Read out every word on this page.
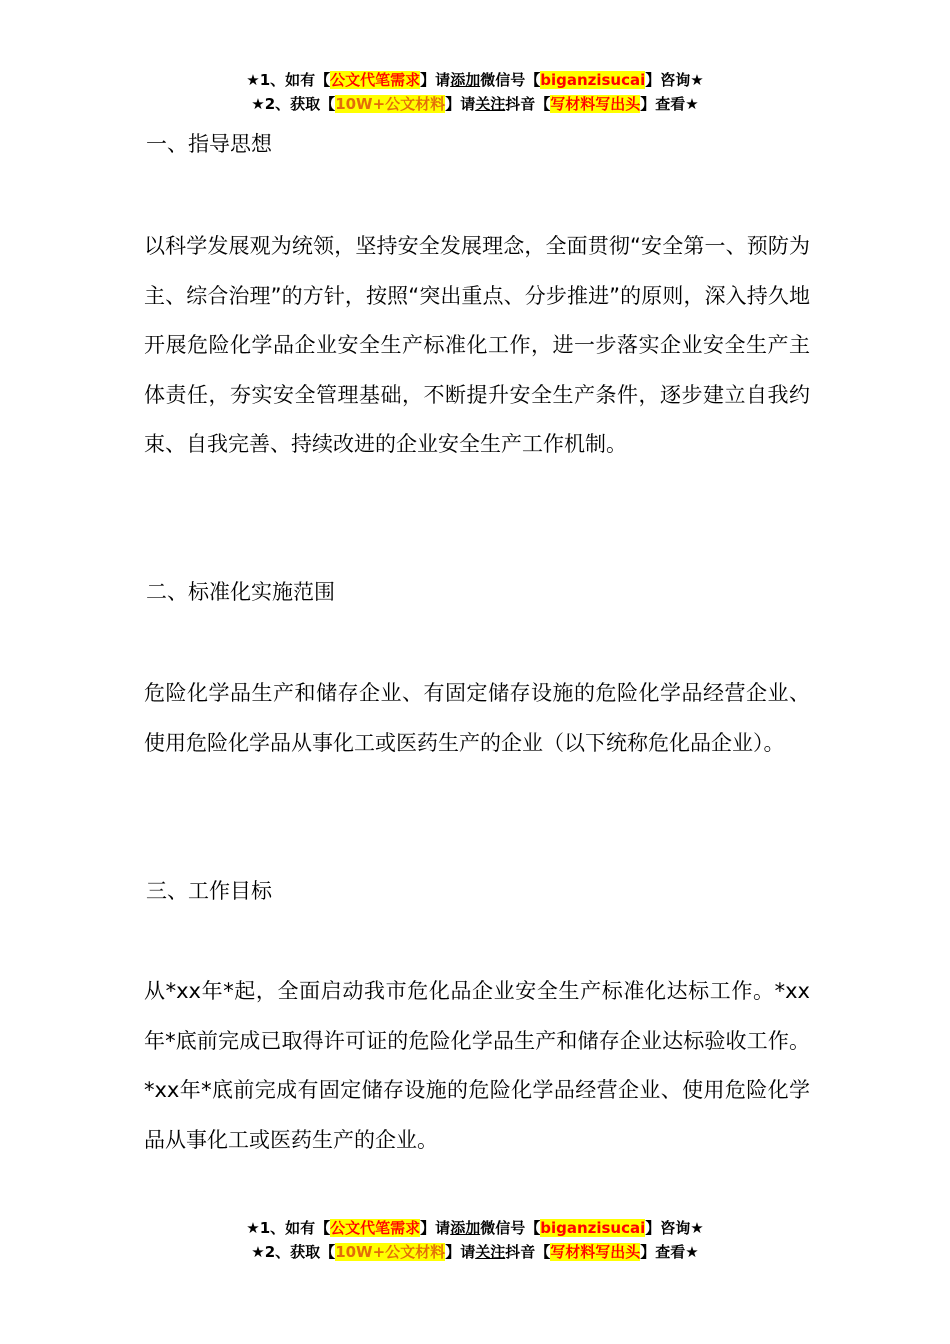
★1、如有【公文代笔需求】请添加微信号【biganzisucai】咨询★
★2、获取【10W+公文材料】请关注抖音【写材料写出头】查看★
一、指导思想

以科学发展观为统领，坚持安全发展理念，全面贯彻“安全第一、预防为主、综合治理”的方针，按照“突出重点、分步推进”的原则，深入持久地开展危险化学品企业安全生产标准化工作，进一步落实企业安全生产主体责任，夯实安全管理基础，不断提升安全生产条件，逐步建立自我约束、自我完善、持续改进的企业安全生产工作机制。

二、标准化实施范围

危险化学品生产和储存企业、有固定储存设施的危险化学品经营企业、使用危险化学品从事化工或医药生产的企业（以下统称危化品企业）。

三、工作目标

从*xx年*起，全面启动我市危化品企业安全生产标准化达标工作。*xx年*底前完成已取得许可证的危险化学品生产和储存企业达标验收工作。*xx年*底前完成有固定储存设施的危险化学品经营企业、使用危险化学品从事化工或医药生产的企业。

★1、如有【公文代笔需求】请添加微信号【biganzisucai】咨询★
★2、获取【10W+公文材料】请关注抖音【写材料写出头】查看★
